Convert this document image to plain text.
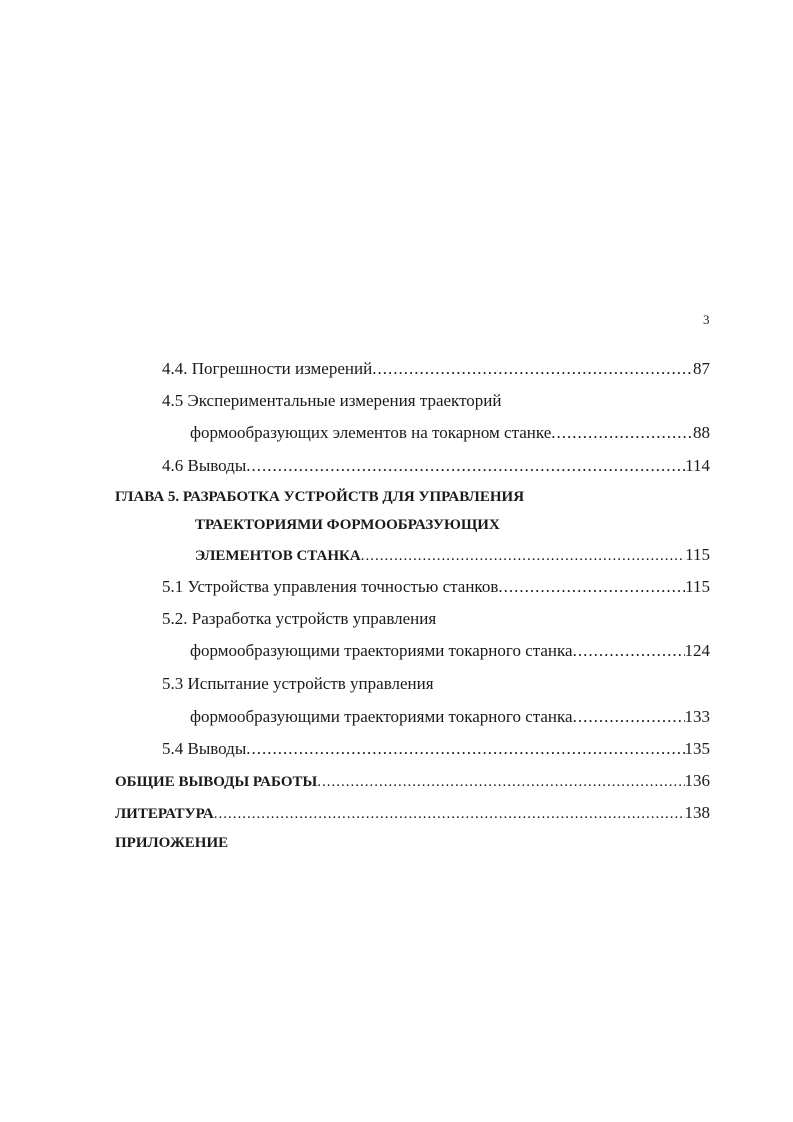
3
4.4. Погрешности измерений .....	87
4.5 Экспериментальные измерения траекторий
формообразующих элементов на токарном станке .....	88
4.6 Выводы .....	114
ГЛАВА 5. РАЗРАБОТКА УСТРОЙСТВ ДЛЯ УПРАВЛЕНИЯ
ТРАЕКТОРИЯМИ ФОРМООБРАЗУЮЩИХ
ЭЛЕМЕНТОВ СТАНКА .....	115
5.1 Устройства управления точностью станков .....	115
5.2. Разработка устройств управления
формообразующими траекториями токарного станка .....	124
5.3 Испытание устройств управления
формообразующими траекториями токарного станка .....	133
5.4 Выводы .....	135
ОБЩИЕ ВЫВОДЫ РАБОТЫ .....	136
ЛИТЕРАТУРА .....	138
ПРИЛОЖЕНИЕ
